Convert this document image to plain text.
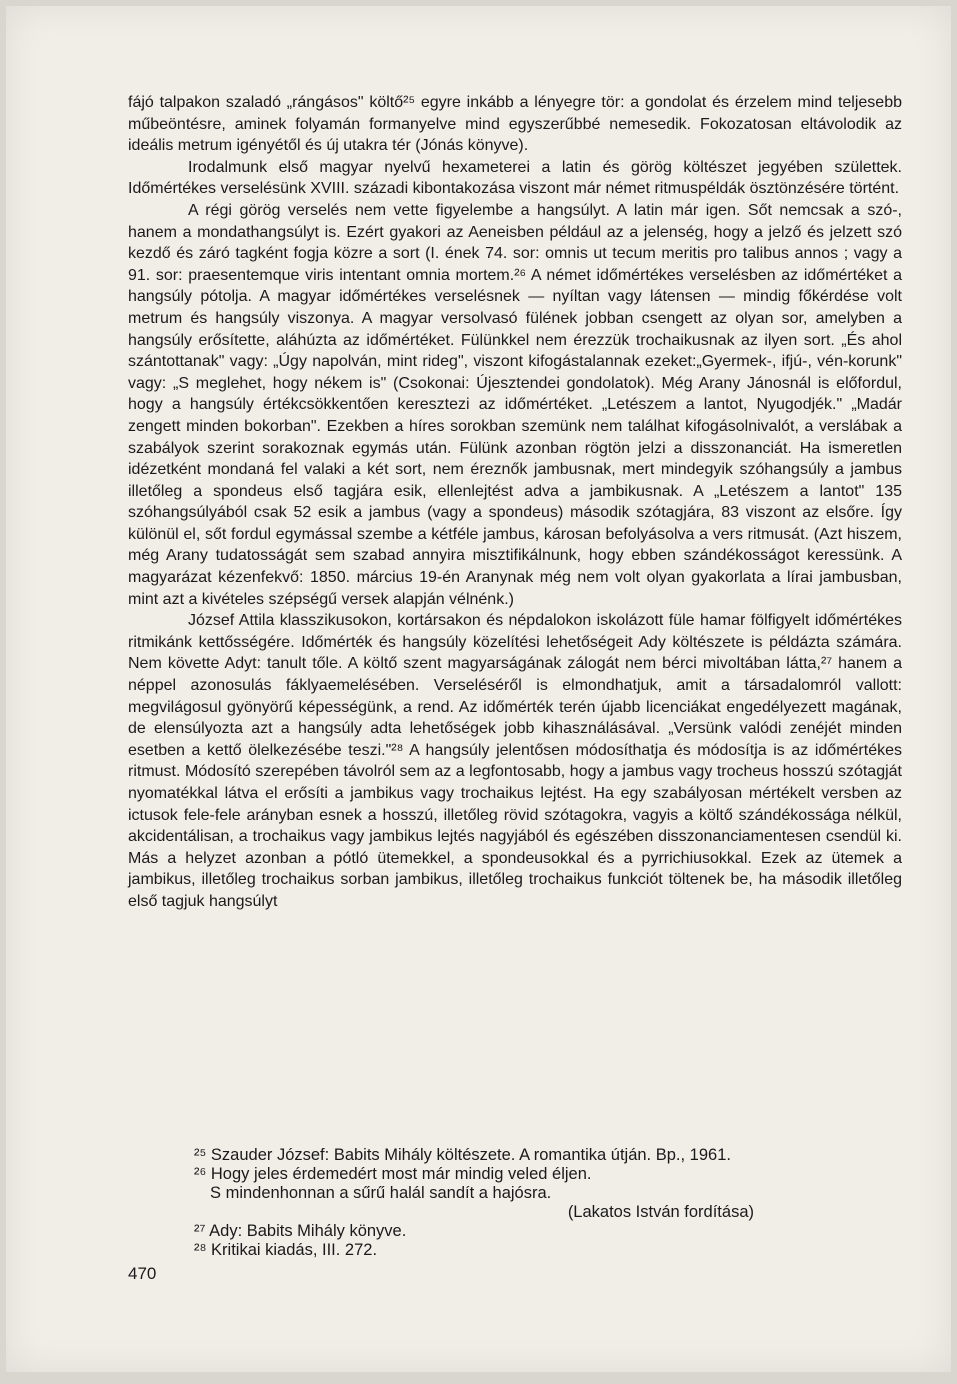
fájó talpakon szaladó „rángásos" költő²⁵ egyre inkább a lényegre tör: a gondolat és érzelem mind teljesebb műbeöntésre, aminek folyamán formanyelve mind egyszerűbbé nemesedik. Fokozatosan eltávolodik az ideális metrum igényétől és új utakra tér (Jónás könyve).

Irodalmunk első magyar nyelvű hexameterei a latin és görög költészet jegyében születtek. Időmértékes verselésünk XVIII. századi kibontakozása viszont már német ritmuspéldák ösztönzésére történt.

A régi görög verselés nem vette figyelembe a hangsúlyt. A latin már igen. Sőt nemcsak a szó-, hanem a mondathangsúlyt is. Ezért gyakori az Aeneisben például az a jelenség, hogy a jelző és jelzett szó kezdő és záró tagként fogja közre a sort (I. ének 74. sor: omnis ut tecum meritis pro talibus annos ; vagy a 91. sor: praesentemque viris intentant omnia mortem.²⁶ A német időmértékes verselésben az időmértéket a hangsúly pótolja. A magyar időmértékes verselésnek — nyíltan vagy látensen — mindig főkérdése volt metrum és hangsúly viszonya. A magyar versolvasó fülének jobban csengett az olyan sor, amelyben a hangsúly erősítette, aláhúzta az időmértéket. Fülünkkel nem érezzük trochaikusnak az ilyen sort. „És ahol szántottanak" vagy: „Úgy napolván, mint rideg", viszont kifogástalannak ezeket:„Gyermek-, ifjú-, vén-korunk" vagy: „S meglehet, hogy nékem is" (Csokonai: Újesztendei gondolatok). Még Arany Jánosnál is előfordul, hogy a hangsúly értékcsökkentően keresztezi az időmértéket. „Letészem a lantot, Nyugodjék." „Madár zengett minden bokorban". Ezekben a híres sorokban szemünk nem találhat kifogásolnivalót, a verslábak a szabályok szerint sorakoznak egymás után. Fülünk azonban rögtön jelzi a disszonanciát. Ha ismeretlen idézetként mondaná fel valaki a két sort, nem éreznők jambusnak, mert mindegyik szóhangsúly a jambus illetőleg a spondeus első tagjára esik, ellenlejtést adva a jambikusnak. A „Letészem a lantot" 135 szóhangsúlyából csak 52 esik a jambus (vagy a spondeus) második szótagjára, 83 viszont az elsőre. Így különül el, sőt fordul egymással szembe a kétféle jambus, károsan befolyásolva a vers ritmusát. (Azt hiszem, még Arany tudatosságát sem szabad annyira misztifikálnunk, hogy ebben szándékosságot keressünk. A magyarázat kézenfekvő: 1850. március 19-én Aranynak még nem volt olyan gyakorlata a lírai jambusban, mint azt a kivételes szépségű versek alapján vélnénk.)

József Attila klasszikusokon, kortársakon és népdalokon iskolázott füle hamar fölfigyelt időmértékes ritmikánk kettősségére. Időmérték és hangsúly közelítési lehetőségeit Ady költészete is példázta számára. Nem követte Adyt: tanult tőle. A költő szent magyarságának zálogát nem bérci mivoltában látta,²⁷ hanem a néppel azonosulás fáklyaemelésében. Verseléséről is elmondhatjuk, amit a társadalomról vallott: megvilágosul gyönyörű képességünk, a rend. Az időmérték terén újabb licenciákat engedélyezett magának, de elensúlyozta azt a hangsúly adta lehetőségek jobb kihasználásával. „Versünk valódi zenéjét minden esetben a kettő ölelkezésébe teszi."²⁸ A hangsúly jelentősen módosíthatja és módosítja is az időmértékes ritmust. Módosító szerepében távolról sem az a legfontosabb, hogy a jambus vagy trocheus hosszú szótagját nyomatékkal látva el erősíti a jambikus vagy trochaikus lejtést. Ha egy szabályosan mértékelt versben az ictusok fele-fele arányban esnek a hosszú, illetőleg rövid szótagokra, vagyis a költő szándékossága nélkül, akcidentálisan, a trochaikus vagy jambikus lejtés nagyjából és egészében disszonanciamentesen csendül ki. Más a helyzet azonban a pótló ütemekkel, a spondeusokkal és a pyrrichiusokkal. Ezek az ütemek a jambikus, illetőleg trochaikus sorban jambikus, illetőleg trochaikus funkciót töltenek be, ha második illetőleg első tagjuk hangsúlyt

²⁵ Szauder József: Babits Mihály költészete. A romantika útján. Bp., 1961.

²⁶ Hogy jeles érdemedért most már mindig veled éljen.

S mindenhonnan a sűrű halál sandít a hajósra.

(Lakatos István fordítása)

²⁷ Ady: Babits Mihály könyve.

²⁸ Kritikai kiadás, III. 272.

470
